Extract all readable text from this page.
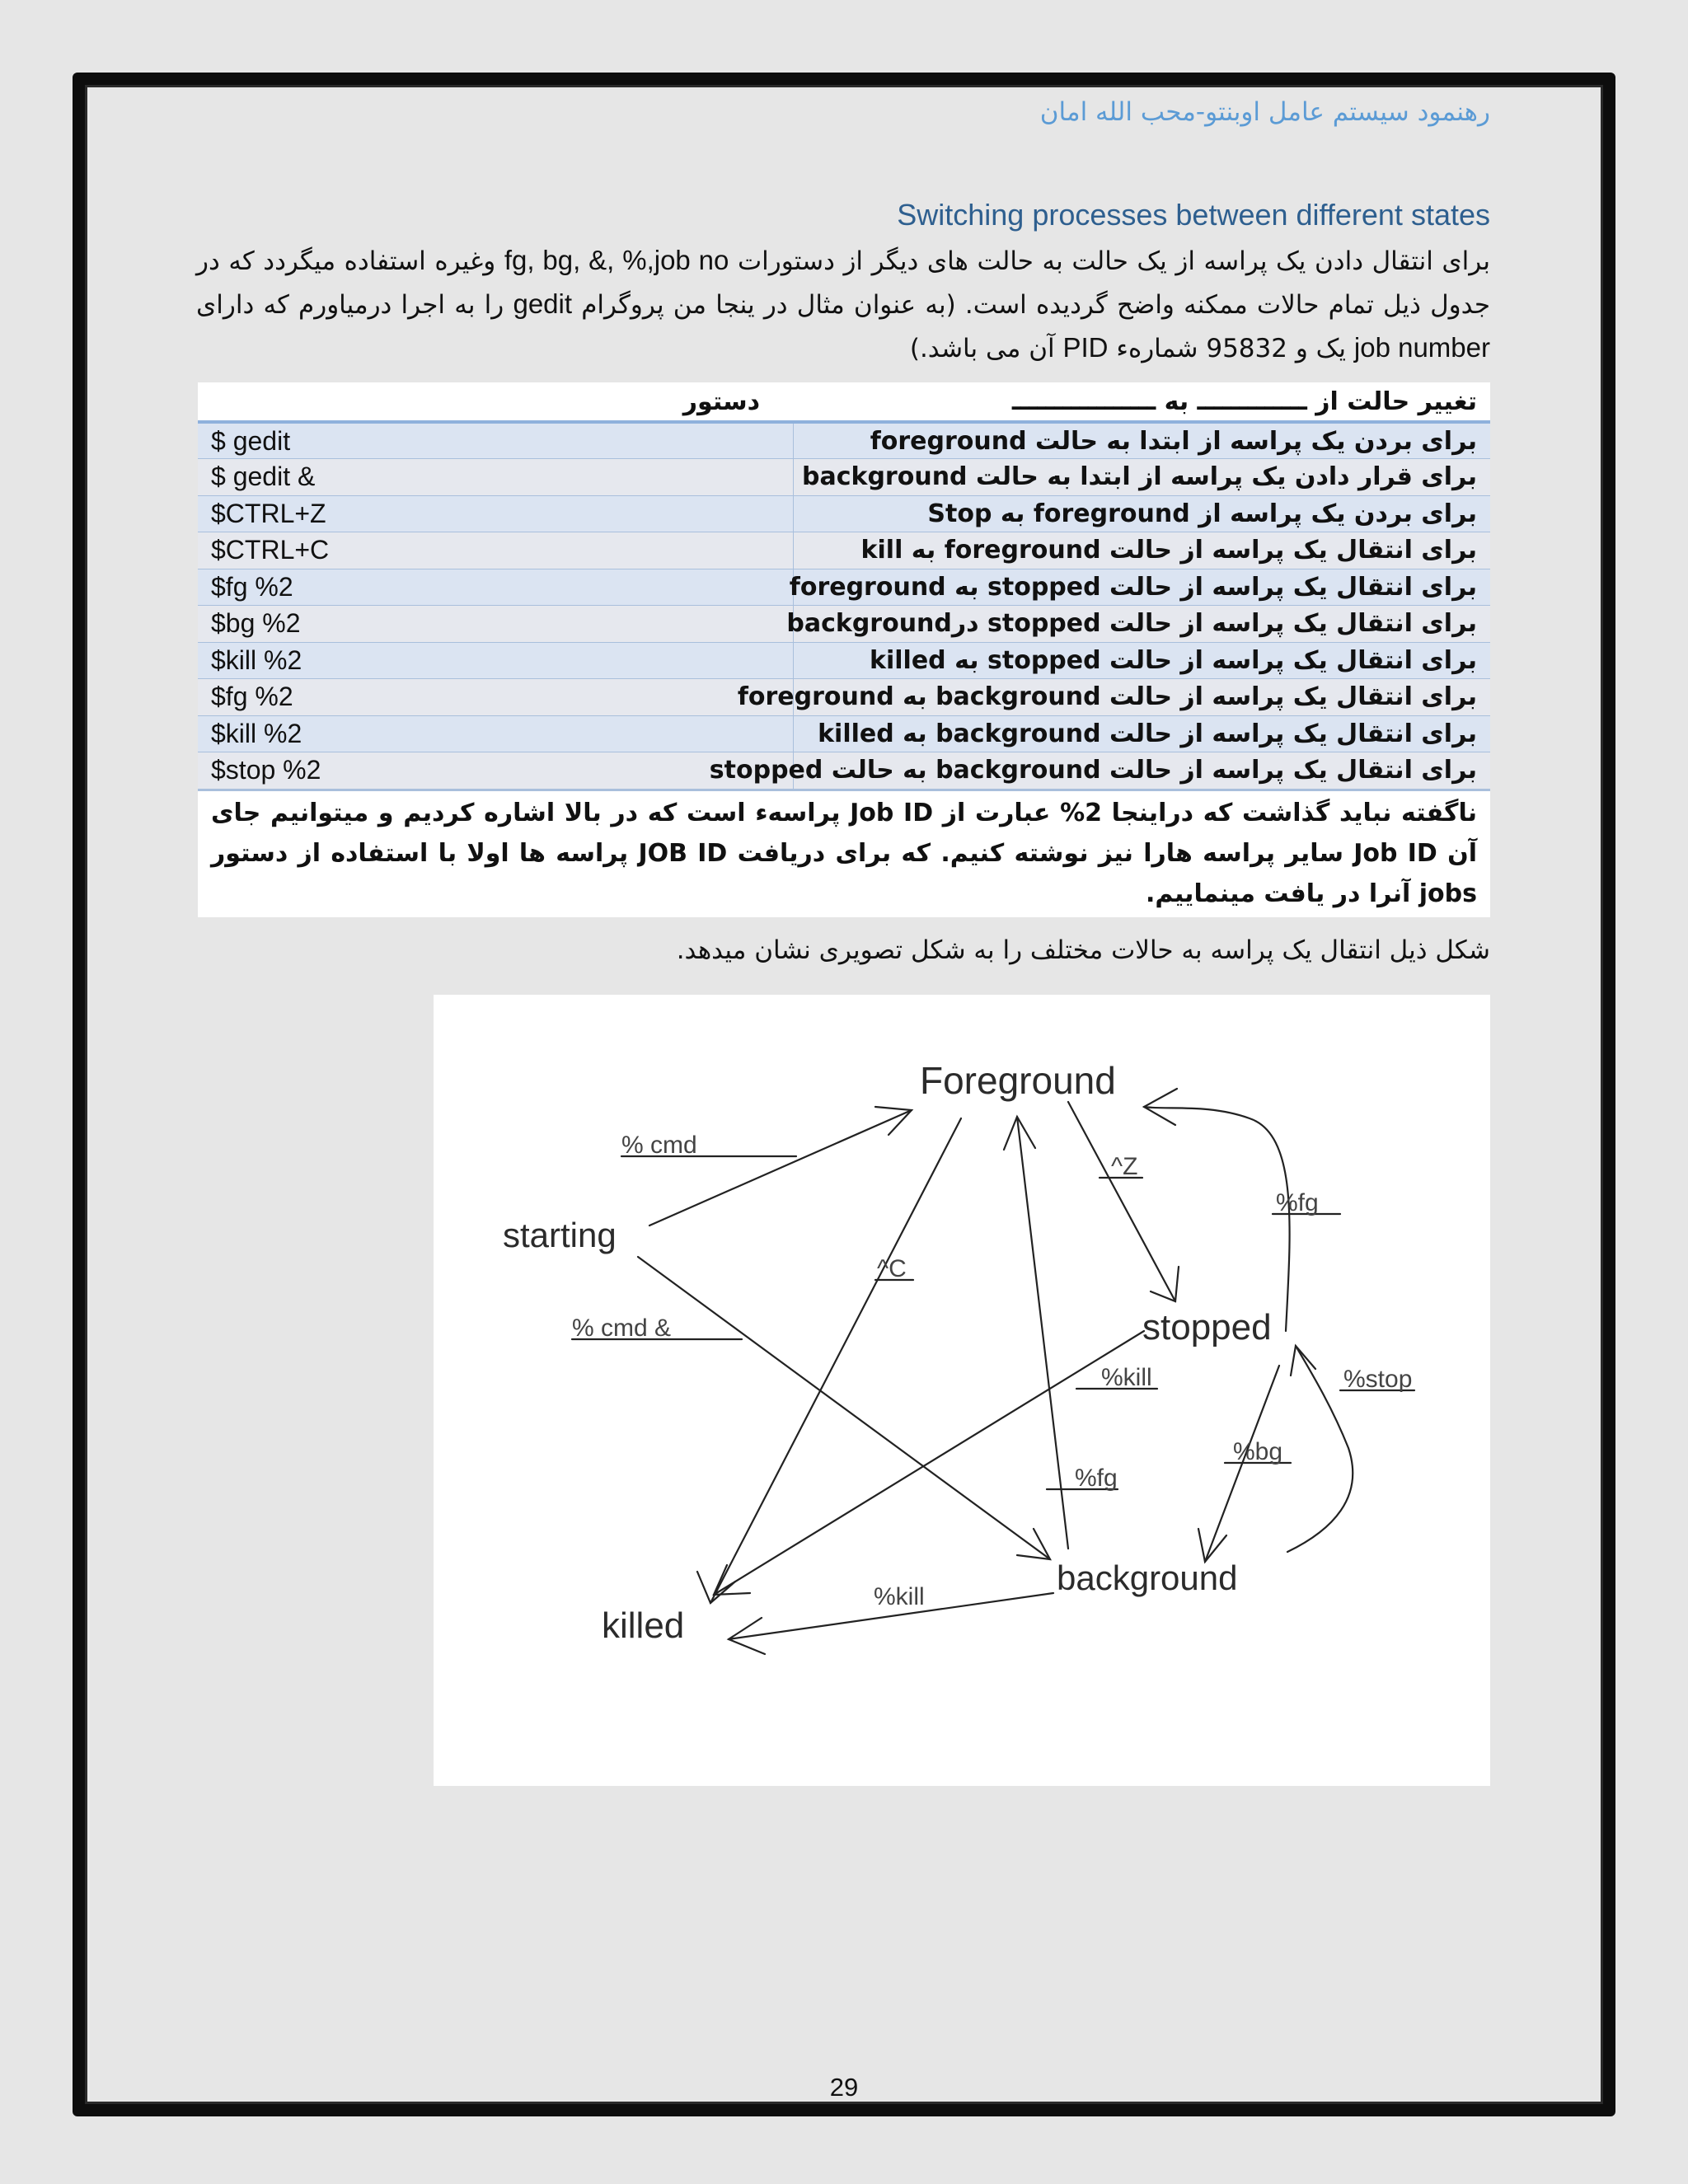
رهنمود سیستم عامل اوبنتو-محب الله امان
Switching processes between different states
برای انتقال دادن یک پراسه از یک حالت به حالت های دیگر از دستورات fg, bg, &, %,job no وغیره استفاده میگردد که در جدول ذیل تمام حالات ممکنه واضح گردیده است. (به عنوان مثال در ینجا من پروگرام gedit را به اجرا درمیاورم که دارای job number یک و 95832 شماره‌ء PID آن می باشد.)
دستور	تغییر حالت از ـــــــــــــ به ـــــــــــــــــ
$ gedit	برای بردن یک پراسه از ابتدا به حالت foreground
$ gedit &	برای قرار دادن یک پراسه از ابتدا به حالت background
$CTRL+Z	برای بردن یک پراسه از foreground به Stop
$CTRL+C	برای انتقال یک پراسه از حالت foreground به kill
$fg %2	برای انتقال یک پراسه از حالت stopped به foreground
$bg %2	برای انتقال یک پراسه از حالت stopped درbackground
$kill %2	برای انتقال یک پراسه از حالت stopped به killed
$fg %2	برای انتقال یک پراسه از حالت background به foreground
$kill %2	برای انتقال یک پراسه از حالت background به killed
$stop %2	برای انتقال یک پراسه از حالت background به حالت stopped
ناگفته نباید گذاشت که دراینجا 2% عبارت از Job ID پراسهء است که در بالا اشاره کردیم و میتوانیم جای آن Job ID سایر پراسه هارا نیز نوشته کنیم. که برای دریافت JOB ID پراسه ها اولا با استفاده از دستور jobs آنرا در یافت مینماییم.
شکل ذیل انتقال یک پراسه به حالات مختلف را به شکل تصویری نشان میدهد.
Foreground
starting
stopped
killed
background
% cmd
% cmd &
^Z
^C
%fg
%kill	%stop
%bg
%fg
%kill
29
